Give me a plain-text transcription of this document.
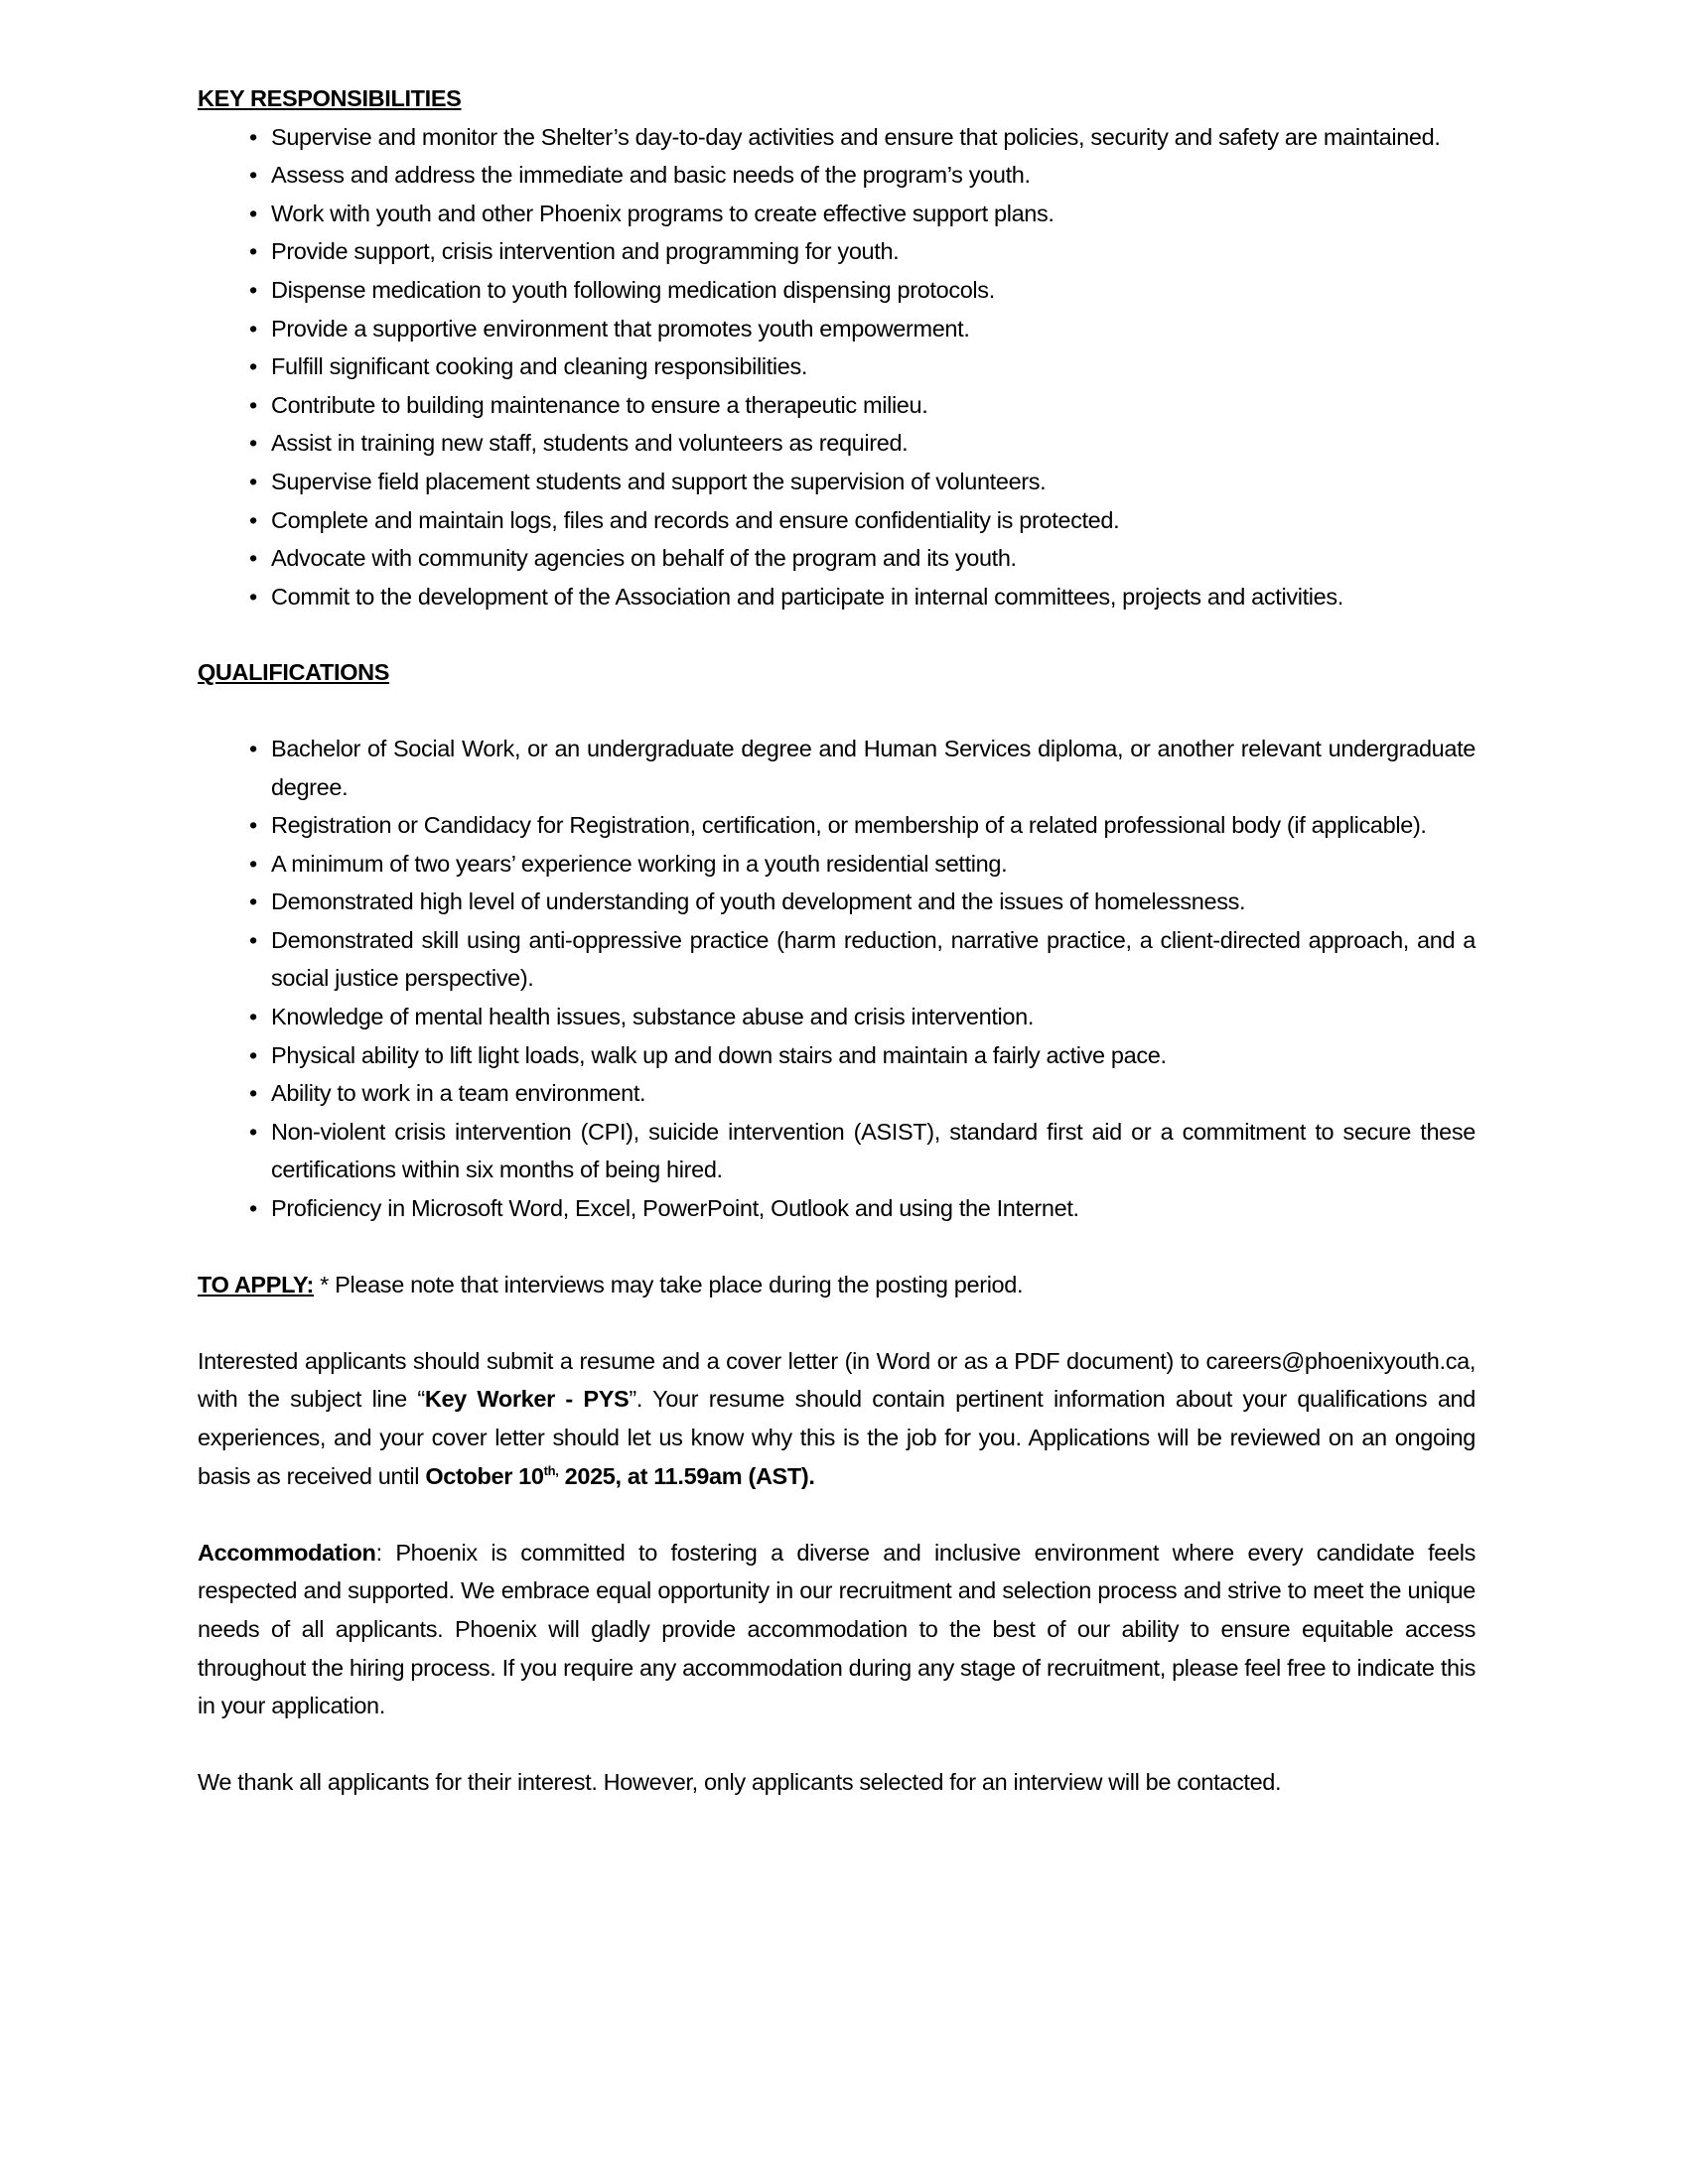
KEY RESPONSIBILITIES
• Supervise and monitor the Shelter’s day-to-day activities and ensure that policies, security and safety are maintained.
• Assess and address the immediate and basic needs of the program’s youth.
• Work with youth and other Phoenix programs to create effective support plans.
• Provide support, crisis intervention and programming for youth.
• Dispense medication to youth following medication dispensing protocols.
• Provide a supportive environment that promotes youth empowerment.
• Fulfill significant cooking and cleaning responsibilities.
• Contribute to building maintenance to ensure a therapeutic milieu.
• Assist in training new staff, students and volunteers as required.
• Supervise field placement students and support the supervision of volunteers.
• Complete and maintain logs, files and records and ensure confidentiality is protected.
• Advocate with community agencies on behalf of the program and its youth.
• Commit to the development of the Association and participate in internal committees, projects and activities.
QUALIFICATIONS
• Bachelor of Social Work, or an undergraduate degree and Human Services diploma, or another relevant undergraduate degree.
• Registration or Candidacy for Registration, certification, or membership of a related professional body (if applicable).
• A minimum of two years’ experience working in a youth residential setting.
• Demonstrated high level of understanding of youth development and the issues of homelessness.
• Demonstrated skill using anti-oppressive practice (harm reduction, narrative practice, a client-directed approach, and a social justice perspective).
• Knowledge of mental health issues, substance abuse and crisis intervention.
• Physical ability to lift light loads, walk up and down stairs and maintain a fairly active pace.
• Ability to work in a team environment.
• Non-violent crisis intervention (CPI), suicide intervention (ASIST), standard first aid or a commitment to secure these certifications within six months of being hired.
• Proficiency in Microsoft Word, Excel, PowerPoint, Outlook and using the Internet.

TO APPLY: * Please note that interviews may take place during the posting period.

Interested applicants should submit a resume and a cover letter (in Word or as a PDF document) to careers@phoenixyouth.ca, with the subject line “Key Worker - PYS”. Your resume should contain pertinent information about your qualifications and experiences, and your cover letter should let us know why this is the job for you. Applications will be reviewed on an ongoing basis as received until October $10^{th,}$ 2025, at 11.59am (AST).

Accommodation: Phoenix is committed to fostering a diverse and inclusive environment where every candidate feels respected and supported. We embrace equal opportunity in our recruitment and selection process and strive to meet the unique needs of all applicants. Phoenix will gladly provide accommodation to the best of our ability to ensure equitable access throughout the hiring process. If you require any accommodation during any stage of recruitment, please feel free to indicate this in your application.

We thank all applicants for their interest. However, only applicants selected for an interview will be contacted.
